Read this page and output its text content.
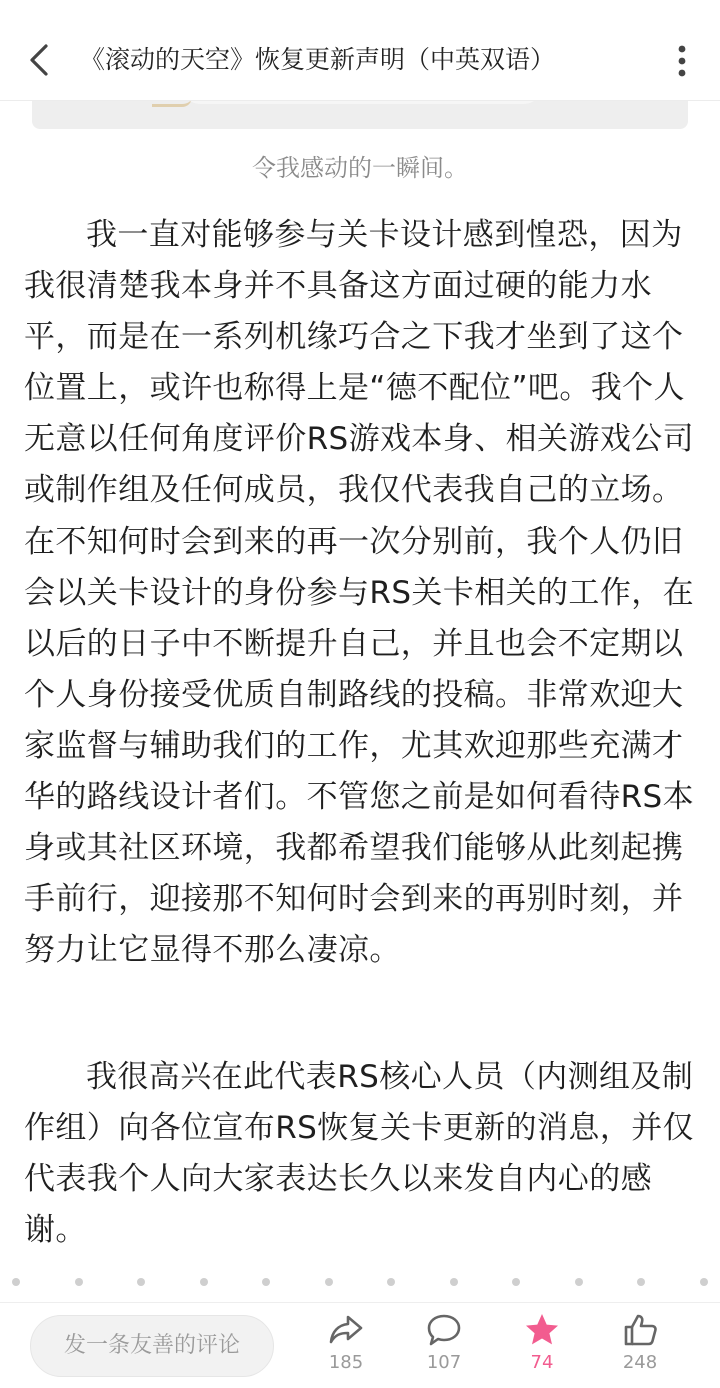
《滚动的天空》恢复更新声明（中英双语）
令我感动的一瞬间。

我一直对能够参与关卡设计感到惶恐，因为我很清楚我本身并不具备这方面过硬的能力水平，而是在一系列机缘巧合之下我才坐到了这个位置上，或许也称得上是“德不配位”吧。我个人无意以任何角度评价RS游戏本身、相关游戏公司或制作组及任何成员，我仅代表我自己的立场。在不知何时会到来的再一次分别前，我个人仍旧会以关卡设计的身份参与RS关卡相关的工作，在以后的日子中不断提升自己，并且也会不定期以个人身份接受优质自制路线的投稿。非常欢迎大家监督与辅助我们的工作，尤其欢迎那些充满才华的路线设计者们。不管您之前是如何看待RS本身或其社区环境，我都希望我们能够从此刻起携手前行，迎接那不知何时会到来的再别时刻，并努力让它显得不那么凄凉。

我很高兴在此代表RS核心人员（内测组及制作组）向各位宣布RS恢复关卡更新的消息，并仅代表我个人向大家表达长久以来发自内心的感谢。

发一条友善的评论
185	107	74	248
